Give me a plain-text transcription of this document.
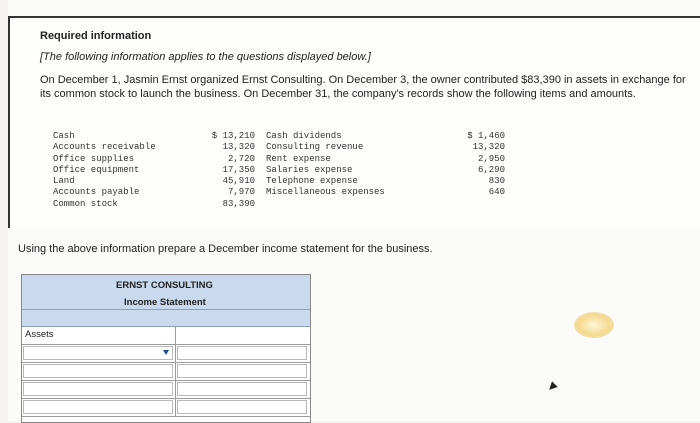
Required information
[The following information applies to the questions displayed below.]
On December 1, Jasmin Ernst organized Ernst Consulting. On December 3, the owner contributed $83,390 in assets in exchange for its common stock to launch the business. On December 31, the company's records show the following items and amounts.
Cash
Accounts receivable
Office supplies
Office equipment
Land
Accounts payable
Common stock
$ 13,210
13,320
2,720
17,350
45,910
7,970
83,390
Cash dividends
Consulting revenue
Rent expense
Salaries expense
Telephone expense
Miscellaneous expenses
$ 1,460
13,320
2,950
6,290
830
640
Using the above information prepare a December income statement for the business.
ERNST CONSULTING
Income Statement
Assets
